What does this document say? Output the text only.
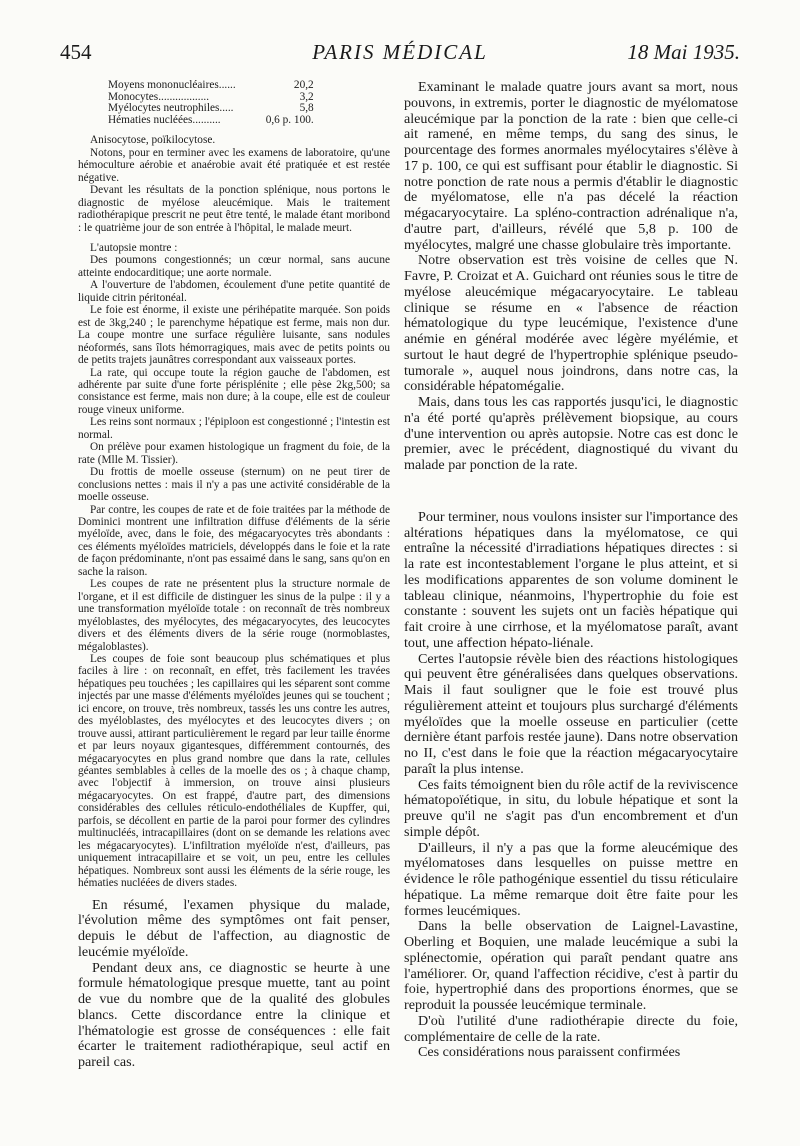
454	PARIS MÉDICAL	18 Mai 1935.
Moyens mononucléaires......	20,2
Monocytes..................	3,2
Myélocytes neutrophiles.....	5,8
Hématies nucléées..........	0,6 p. 100.

Anisocytose, poïkilocytose.

Notons, pour en terminer avec les examens de laboratoire, qu'une hémoculture aérobie et anaérobie avait été pratiquée et est restée négative.

Devant les résultats de la ponction splénique, nous portons le diagnostic de myélose aleucémique. Mais le traitement radiothérapique prescrit ne peut être tenté, le malade étant moribond : le quatrième jour de son entrée à l'hôpital, le malade meurt.

L'autopsie montre :

Des poumons congestionnés; un cœur normal, sans aucune atteinte endocarditique; une aorte normale.

A l'ouverture de l'abdomen, écoulement d'une petite quantité de liquide citrin péritonéal.

Le foie est énorme, il existe une périhépatite marquée. Son poids est de 3kg,240 ; le parenchyme hépatique est ferme, mais non dur. La coupe montre une surface régulière luisante, sans nodules néoformés, sans îlots hémorragiques, mais avec de petits points ou de petits trajets jaunâtres correspondant aux vaisseaux portes.

La rate, qui occupe toute la région gauche de l'abdomen, est adhérente par suite d'une forte périsplénite ; elle pèse 2kg,500; sa consistance est ferme, mais non dure; à la coupe, elle est de couleur rouge vineux uniforme.

Les reins sont normaux ; l'épiploon est congestionné ; l'intestin est normal.

On prélève pour examen histologique un fragment du foie, de la rate (Mlle M. Tissier).

Du frottis de moelle osseuse (sternum) on ne peut tirer de conclusions nettes : mais il n'y a pas une activité considérable de la moelle osseuse.

Par contre, les coupes de rate et de foie traitées par la méthode de Dominici montrent une infiltration diffuse d'éléments de la série myéloïde, avec, dans le foie, des mégacaryocytes très abondants : ces éléments myéloïdes matriciels, développés dans le foie et la rate de façon prédominante, n'ont pas essaimé dans le sang, sans qu'on en sache la raison.

Les coupes de rate ne présentent plus la structure normale de l'organe, et il est difficile de distinguer les sinus de la pulpe : il y a une transformation myéloïde totale : on reconnaît de très nombreux myéloblastes, des myélocytes, des mégacaryocytes, des leucocytes divers et des éléments divers de la série rouge (normoblastes, mégaloblastes).

Les coupes de foie sont beaucoup plus schématiques et plus faciles à lire : on reconnaît, en effet, très facilement les travées hépatiques peu touchées ; les capillaires qui les séparent sont comme injectés par une masse d'éléments myéloïdes jeunes qui se touchent ; ici encore, on trouve, très nombreux, tassés les uns contre les autres, des myéloblastes, des myélocytes et des leucocytes divers ; on trouve aussi, attirant particulièrement le regard par leur taille énorme et par leurs noyaux gigantesques, différemment contournés, des mégacaryocytes en plus grand nombre que dans la rate, cellules géantes semblables à celles de la moelle des os ; à chaque champ, avec l'objectif à immersion, on trouve ainsi plusieurs mégacaryocytes. On est frappé, d'autre part, des dimensions considérables des cellules réticulo-endothéliales de Kupffer, qui, parfois, se décollent en partie de la paroi pour former des cylindres multinucléés, intracapillaires (dont on se demande les relations avec les mégacaryocytes). L'infiltration myéloïde n'est, d'ailleurs, pas uniquement intracapillaire et se voit, un peu, entre les cellules hépatiques. Nombreux sont aussi les éléments de la série rouge, les hématies nucléées de divers stades.

En résumé, l'examen physique du malade, l'évolution même des symptômes ont fait penser, depuis le début de l'affection, au diagnostic de leucémie myéloïde.

Pendant deux ans, ce diagnostic se heurte à une formule hématologique presque muette, tant au point de vue du nombre que de la qualité des globules blancs. Cette discordance entre la clinique et l'hématologie est grosse de conséquences : elle fait écarter le traitement radiothérapique, seul actif en pareil cas.

Examinant le malade quatre jours avant sa mort, nous pouvons, in extremis, porter le diagnostic de myélomatose aleucémique par la ponction de la rate : bien que celle-ci ait ramené, en même temps, du sang des sinus, le pourcentage des formes anormales myélocytaires s'élève à 17 p. 100, ce qui est suffisant pour établir le diagnostic. Si notre ponction de rate nous a permis d'établir le diagnostic de myélomatose, elle n'a pas décelé la réaction mégacaryocytaire. La spléno-contraction adrénalique n'a, d'autre part, d'ailleurs, révélé que 5,8 p. 100 de myélocytes, malgré une chasse globulaire très importante.

Notre observation est très voisine de celles que N. Favre, P. Croizat et A. Guichard ont réunies sous le titre de myélose aleucémique mégacaryocytaire. Le tableau clinique se résume en « l'absence de réaction hématologique du type leucémique, l'existence d'une anémie en général modérée avec légère myélémie, et surtout le haut degré de l'hypertrophie splénique pseudo-tumorale », auquel nous joindrons, dans notre cas, la considérable hépatomégalie.

Mais, dans tous les cas rapportés jusqu'ici, le diagnostic n'a été porté qu'après prélèvement biopsique, au cours d'une intervention ou après autopsie. Notre cas est donc le premier, avec le précédent, diagnostiqué du vivant du malade par ponction de la rate.

Pour terminer, nous voulons insister sur l'importance des altérations hépatiques dans la myélomatose, ce qui entraîne la nécessité d'irradiations hépatiques directes : si la rate est incontestablement l'organe le plus atteint, et si les modifications apparentes de son volume dominent le tableau clinique, néanmoins, l'hypertrophie du foie est constante : souvent les sujets ont un faciès hépatique qui fait croire à une cirrhose, et la myélomatose paraît, avant tout, une affection hépato-liénale.

Certes l'autopsie révèle bien des réactions histologiques qui peuvent être généralisées dans quelques observations. Mais il faut souligner que le foie est trouvé plus régulièrement atteint et toujours plus surchargé d'éléments myéloïdes que la moelle osseuse en particulier (cette dernière étant parfois restée jaune). Dans notre observation no II, c'est dans le foie que la réaction mégacaryocytaire paraît la plus intense.

Ces faits témoignent bien du rôle actif de la reviviscence hématopoïétique, in situ, du lobule hépatique et sont la preuve qu'il ne s'agit pas d'un encombrement et d'un simple dépôt.

D'ailleurs, il n'y a pas que la forme aleucémique des myélomatoses dans lesquelles on puisse mettre en évidence le rôle pathogénique essentiel du tissu réticulaire hépatique. La même remarque doit être faite pour les formes leucémiques.

Dans la belle observation de Laignel-Lavastine, Oberling et Boquien, une malade leucémique a subi la splénectomie, opération qui paraît pendant quatre ans l'améliorer. Or, quand l'affection récidive, c'est à partir du foie, hypertrophié dans des proportions énormes, que se reproduit la poussée leucémique terminale.

D'où l'utilité d'une radiothérapie directe du foie, complémentaire de celle de la rate.

Ces considérations nous paraissent confirmées
